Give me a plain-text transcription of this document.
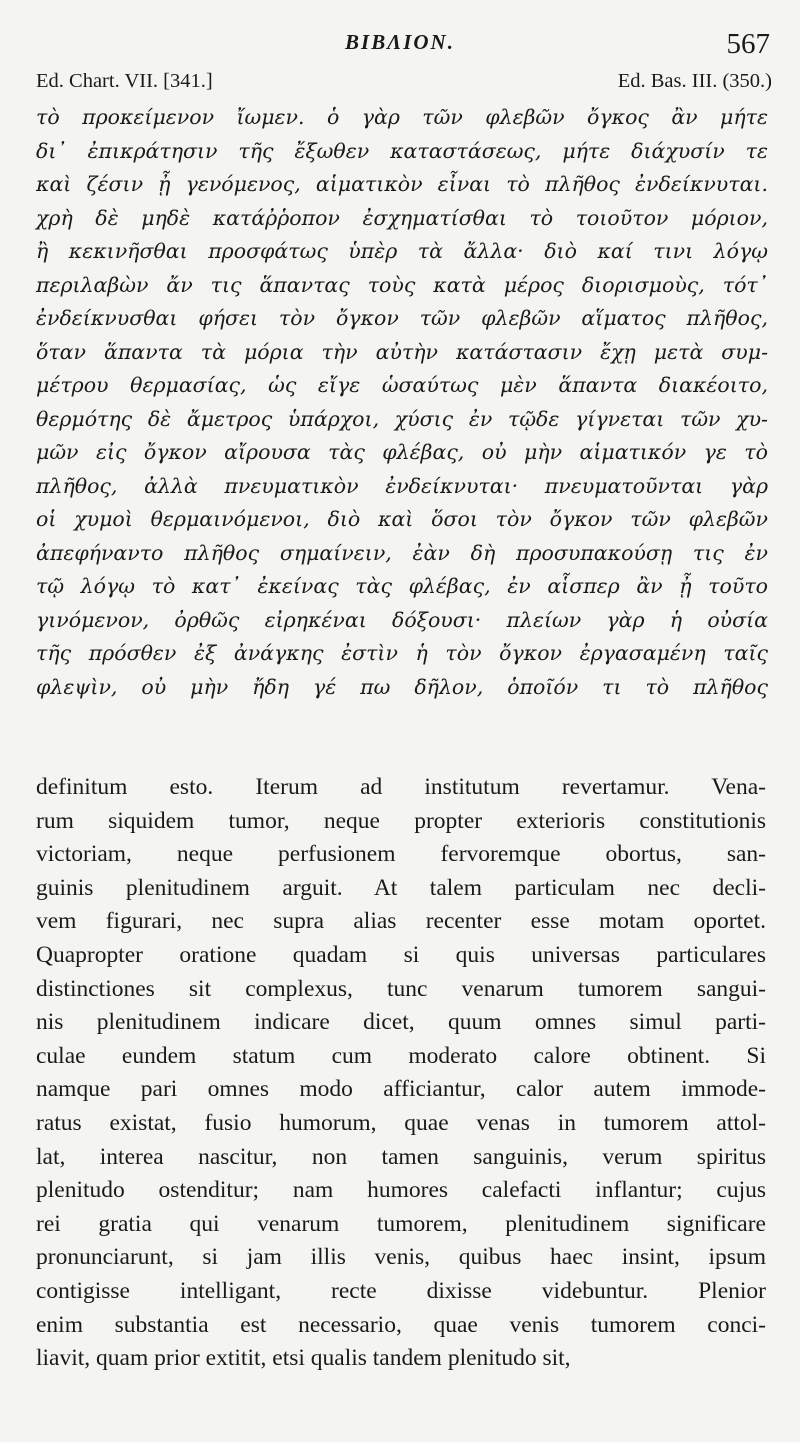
ΒΙΒΛΙΟΝ.	567
Ed. Chart. VII. [341.]	Ed. Bas. III. (350.)
τὸ προκείμενον ἴωμεν. ὁ γὰρ τῶν φλεβῶν ὄγκος ἂν μήτε
δι᾽ ἐπικράτησιν τῆς ἔξωθεν καταστάσεως, μήτε διάχυσίν τε
καὶ ζέσιν ᾖ γενόμενος, αἱματικὸν εἶναι τὸ πλῆθος ἐνδείκνυται.
χρὴ δὲ μηδὲ κατάῤῥοπον ἐσχηματίσθαι τὸ τοιοῦτον μόριον,
ἢ κεκινῆσθαι προσφάτως ὑπὲρ τὰ ἄλλα· διὸ καί τινι λόγῳ
περιλαβὼν ἄν τις ἅπαντας τοὺς κατὰ μέρος διορισμοὺς, τότ᾽
ἐνδείκνυσθαι φήσει τὸν ὄγκον τῶν φλεβῶν αἵματος πλῆθος,
ὅταν ἅπαντα τὰ μόρια τὴν αὐτὴν κατάστασιν ἔχῃ μετὰ συμ-
μέτρου θερμασίας, ὡς εἴγε ὡσαύτως μὲν ἅπαντα διακέοιτο,
θερμότης δὲ ἄμετρος ὑπάρχοι, χύσις ἐν τῷδε γίγνεται τῶν χυ-
μῶν εἰς ὄγκον αἴρουσα τὰς φλέβας, οὐ μὴν αἱματικόν γε τὸ
πλῆθος, ἀλλὰ πνευματικὸν ἐνδείκνυται· πνευματοῦνται γὰρ
οἱ χυμοὶ θερμαινόμενοι, διὸ καὶ ὅσοι τὸν ὄγκον τῶν φλεβῶν
ἀπεφήναντο πλῆθος σημαίνειν, ἐὰν δὴ προσυπακούσῃ τις ἐν
τῷ λόγῳ τὸ κατ᾽ ἐκείνας τὰς φλέβας, ἐν αἷσπερ ἂν ᾖ τοῦτο
γινόμενον, ὀρθῶς εἰρηκέναι δόξουσι· πλείων γὰρ ἡ οὐσία
τῆς πρόσθεν ἐξ ἀνάγκης ἐστὶν ἡ τὸν ὄγκον ἐργασαμένη ταῖς
φλεψὶν, οὐ μὴν ἤδη γέ πω δῆλον, ὁποῖόν τι τὸ πλῆθος
definitum esto. Iterum ad institutum revertamur. Vena-
rum siquidem tumor, neque propter exterioris constitutionis
victoriam, neque perfusionem fervoremque obortus, san-
guinis plenitudinem arguit. At talem particulam nec decli-
vem figurari, nec supra alias recenter esse motam oportet.
Quapropter oratione quadam si quis universas particulares
distinctiones sit complexus, tunc venarum tumorem sangui-
nis plenitudinem indicare dicet, quum omnes simul parti-
culae eundem statum cum moderato calore obtinent. Si
namque pari omnes modo afficiantur, calor autem immode-
ratus existat, fusio humorum, quae venas in tumorem attol-
lat, interea nascitur, non tamen sanguinis, verum spiritus
plenitudo ostenditur; nam humores calefacti inflantur; cujus
rei gratia qui venarum tumorem, plenitudinem significare
pronunciarunt, si jam illis venis, quibus haec insint, ipsum
contigisse intelligant, recte dixisse videbuntur. Plenior
enim substantia est necessario, quae venis tumorem conci-
liavit, quam prior extitit, etsi qualis tandem plenitudo sit,
